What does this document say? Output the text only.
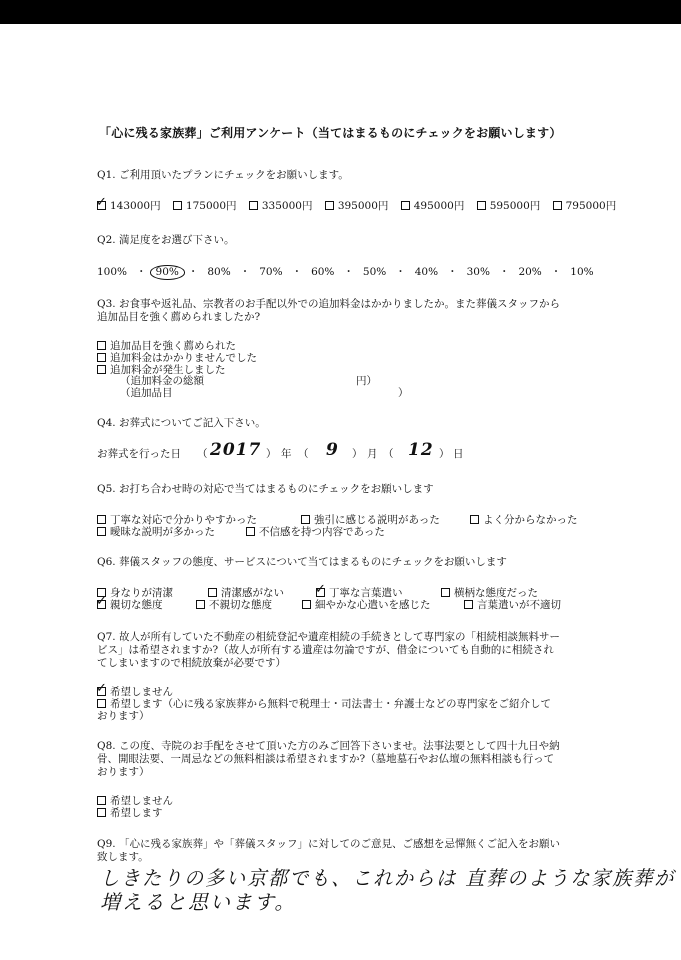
「心に残る家族葬」ご利用アンケート（当てはまるものにチェックをお願いします）
Q1. ご利用頂いたプランにチェックをお願いします。
✓ 143000円 175000円 335000円 395000円 495000円 595000円 795000円
Q2. 満足度をお選び下さい。
100% ・ 90% ・ 80% ・ 70% ・ 60% ・ 50% ・ 40% ・ 30% ・ 20% ・ 10%
Q3. お食事や返礼品、宗教者のお手配以外での追加料金はかかりましたか。また葬儀スタッフから
追加品目を強く薦められましたか?
追加品目を強く薦められた
追加料金はかかりませんでした
追加料金が発生しました
（追加料金の総額	円）
（追加品目	）
Q4. お葬式についてご記入下さい。
お葬式を行った日 （ 2017 ） 年 （ 9 ） 月 （ 12 ） 日
Q5. お打ち合わせ時の対応で当てはまるものにチェックをお願いします
丁寧な対応で分かりやすかった	強引に感じる説明があった	よく分からなかった
曖昧な説明が多かった	不信感を持つ内容であった
Q6. 葬儀スタッフの態度、サービスについて当てはまるものにチェックをお願いします
身なりが清潔	清潔感がない ✓ 丁寧な言葉遣い	横柄な態度だった
✓ 親切な態度	不親切な態度	細やかな心遣いを感じた	言葉遣いが不適切
Q7. 故人が所有していた不動産の相続登記や遺産相続の手続きとして専門家の「相続相談無料サー
ビス」は希望されますか?（故人が所有する遺産は勿論ですが、借金についても自動的に相続され
てしまいますので相続放棄が必要です）
✓ 希望しません
希望します（心に残る家族葬から無料で税理士・司法書士・弁護士などの専門家をご紹介して
おります）
Q8. この度、寺院のお手配をさせて頂いた方のみご回答下さいませ。法事法要として四十九日や納
骨、開眼法要、一周忌などの無料相談は希望されますか?（墓地墓石やお仏壇の無料相談も行って
おります）
希望しません
希望します
Q9. 「心に残る家族葬」や「葬儀スタッフ」に対してのご意見、ご感想を忌憚無くご記入をお願い
致します。
しきたりの多い京都でも、これからは 直葬のような家族葬が
増えると思います。
